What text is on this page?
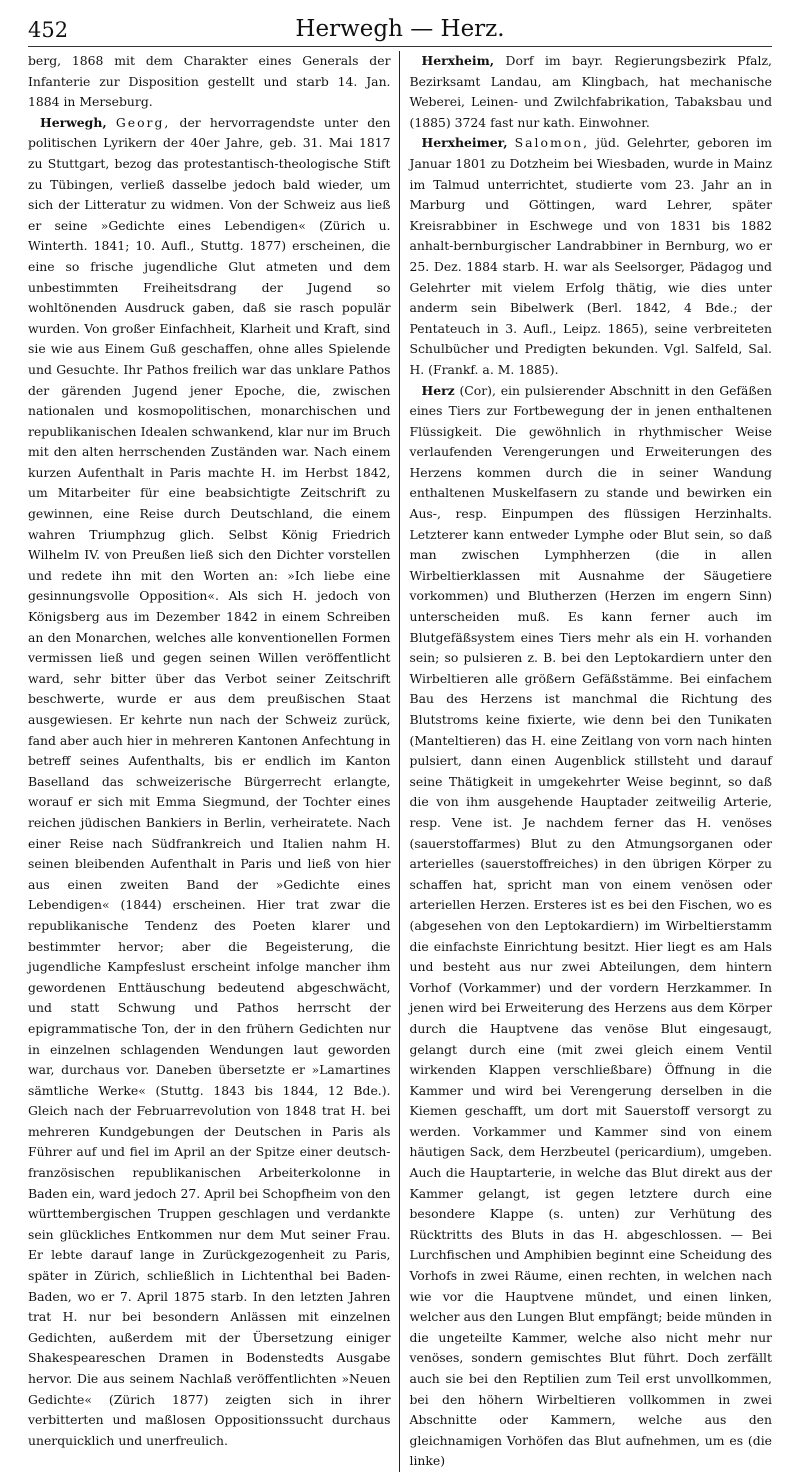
452	Herwegh — Herz.

berg, 1868 mit dem Charakter eines Generals der Infanterie zur Disposition gestellt und starb 14. Jan. 1884 in Merseburg.

Herwegh, Georg, der hervorragendste unter den politischen Lyrikern der 40er Jahre, geb. 31. Mai 1817 zu Stuttgart, bezog das protestantisch-theologische Stift zu Tübingen, verließ dasselbe jedoch bald wieder, um sich der Litteratur zu widmen. Von der Schweiz aus ließ er seine »Gedichte eines Lebendigen« (Zürich u. Winterth. 1841; 10. Aufl., Stuttg. 1877) erscheinen, die eine so frische jugendliche Glut atmeten und dem unbestimmten Freiheitsdrang der Jugend so wohltönenden Ausdruck gaben, daß sie rasch populär wurden. Von großer Einfachheit, Klarheit und Kraft, sind sie wie aus Einem Guß geschaffen, ohne alles Spielende und Gesuchte. Ihr Pathos freilich war das unklare Pathos der gärenden Jugend jener Epoche, die, zwischen nationalen und kosmopolitischen, monarchischen und republikanischen Idealen schwankend, klar nur im Bruch mit den alten herrschenden Zuständen war. Nach einem kurzen Aufenthalt in Paris machte H. im Herbst 1842, um Mitarbeiter für eine beabsichtigte Zeitschrift zu gewinnen, eine Reise durch Deutschland, die einem wahren Triumphzug glich. Selbst König Friedrich Wilhelm IV. von Preußen ließ sich den Dichter vorstellen und redete ihn mit den Worten an: »Ich liebe eine gesinnungsvolle Opposition«. Als sich H. jedoch von Königsberg aus im Dezember 1842 in einem Schreiben an den Monarchen, welches alle konventionellen Formen vermissen ließ und gegen seinen Willen veröffentlicht ward, sehr bitter über das Verbot seiner Zeitschrift beschwerte, wurde er aus dem preußischen Staat ausgewiesen. Er kehrte nun nach der Schweiz zurück, fand aber auch hier in mehreren Kantonen Anfechtung in betreff seines Aufenthalts, bis er endlich im Kanton Baselland das schweizerische Bürgerrecht erlangte, worauf er sich mit Emma Siegmund, der Tochter eines reichen jüdischen Bankiers in Berlin, verheiratete. Nach einer Reise nach Südfrankreich und Italien nahm H. seinen bleibenden Aufenthalt in Paris und ließ von hier aus einen zweiten Band der »Gedichte eines Lebendigen« (1844) erscheinen. Hier trat zwar die republikanische Tendenz des Poeten klarer und bestimmter hervor; aber die Begeisterung, die jugendliche Kampfeslust erscheint infolge mancher ihm gewordenen Enttäuschung bedeutend abgeschwächt, und statt Schwung und Pathos herrscht der epigrammatische Ton, der in den frühern Gedichten nur in einzelnen schlagenden Wendungen laut geworden war, durchaus vor. Daneben übersetzte er »Lamartines sämtliche Werke« (Stuttg. 1843 bis 1844, 12 Bde.). Gleich nach der Februarrevolution von 1848 trat H. bei mehreren Kundgebungen der Deutschen in Paris als Führer auf und fiel im April an der Spitze einer deutsch-französischen republikanischen Arbeiterkolonne in Baden ein, ward jedoch 27. April bei Schopfheim von den württembergischen Truppen geschlagen und verdankte sein glückliches Entkommen nur dem Mut seiner Frau. Er lebte darauf lange in Zurückgezogenheit zu Paris, später in Zürich, schließlich in Lichtenthal bei Baden-Baden, wo er 7. April 1875 starb. In den letzten Jahren trat H. nur bei besondern Anlässen mit einzelnen Gedichten, außerdem mit der Übersetzung einiger Shakespeareschen Dramen in Bodenstedts Ausgabe hervor. Die aus seinem Nachlaß veröffentlichten »Neuen Gedichte« (Zürich 1877) zeigten sich in ihrer verbitterten und maßlosen Oppositionssucht durchaus unerquicklich und unerfreulich.

Herxheim, Dorf im bayr. Regierungsbezirk Pfalz, Bezirksamt Landau, am Klingbach, hat mechanische Weberei, Leinen- und Zwilchfabrikation, Tabaksbau und (1885) 3724 fast nur kath. Einwohner.

Herxheimer, Salomon, jüd. Gelehrter, geboren im Januar 1801 zu Dotzheim bei Wiesbaden, wurde in Mainz im Talmud unterrichtet, studierte vom 23. Jahr an in Marburg und Göttingen, ward Lehrer, später Kreisrabbiner in Eschwege und von 1831 bis 1882 anhalt-bernburgischer Landrabbiner in Bernburg, wo er 25. Dez. 1884 starb. H. war als Seelsorger, Pädagog und Gelehrter mit vielem Erfolg thätig, wie dies unter anderm sein Bibelwerk (Berl. 1842, 4 Bde.; der Pentateuch in 3. Aufl., Leipz. 1865), seine verbreiteten Schulbücher und Predigten bekunden. Vgl. Salfeld, Sal. H. (Frankf. a. M. 1885).

Herz (Cor), ein pulsierender Abschnitt in den Gefäßen eines Tiers zur Fortbewegung der in jenen enthaltenen Flüssigkeit. Die gewöhnlich in rhythmischer Weise verlaufenden Verengerungen und Erweiterungen des Herzens kommen durch die in seiner Wandung enthaltenen Muskelfasern zu stande und bewirken ein Aus-, resp. Einpumpen des flüssigen Herzinhalts. Letzterer kann entweder Lymphe oder Blut sein, so daß man zwischen Lymphherzen (die in allen Wirbeltierklassen mit Ausnahme der Säugetiere vorkommen) und Blutherzen (Herzen im engern Sinn) unterscheiden muß. Es kann ferner auch im Blutgefäßsystem eines Tiers mehr als ein H. vorhanden sein; so pulsieren z. B. bei den Leptokardiern unter den Wirbeltieren alle größern Gefäßstämme. Bei einfachem Bau des Herzens ist manchmal die Richtung des Blutstroms keine fixierte, wie denn bei den Tunikaten (Manteltieren) das H. eine Zeitlang von vorn nach hinten pulsiert, dann einen Augenblick stillsteht und darauf seine Thätigkeit in umgekehrter Weise beginnt, so daß die von ihm ausgehende Hauptader zeitweilig Arterie, resp. Vene ist. Je nachdem ferner das H. venöses (sauerstoffarmes) Blut zu den Atmungsorganen oder arterielles (sauerstoffreiches) in den übrigen Körper zu schaffen hat, spricht man von einem venösen oder arteriellen Herzen. Ersteres ist es bei den Fischen, wo es (abgesehen von den Leptokardiern) im Wirbeltierstamm die einfachste Einrichtung besitzt. Hier liegt es am Hals und besteht aus nur zwei Abteilungen, dem hintern Vorhof (Vorkammer) und der vordern Herzkammer. In jenen wird bei Erweiterung des Herzens aus dem Körper durch die Hauptvene das venöse Blut eingesaugt, gelangt durch eine (mit zwei gleich einem Ventil wirkenden Klappen verschließbare) Öffnung in die Kammer und wird bei Verengerung derselben in die Kiemen geschafft, um dort mit Sauerstoff versorgt zu werden. Vorkammer und Kammer sind von einem häutigen Sack, dem Herzbeutel (pericardium), umgeben. Auch die Hauptarterie, in welche das Blut direkt aus der Kammer gelangt, ist gegen letztere durch eine besondere Klappe (s. unten) zur Verhütung des Rücktritts des Bluts in das H. abgeschlossen. — Bei Lurchfischen und Amphibien beginnt eine Scheidung des Vorhofs in zwei Räume, einen rechten, in welchen nach wie vor die Hauptvene mündet, und einen linken, welcher aus den Lungen Blut empfängt; beide münden in die ungeteilte Kammer, welche also nicht mehr nur venöses, sondern gemischtes Blut führt. Doch zerfällt auch sie bei den Reptilien zum Teil erst unvollkommen, bei den höhern Wirbeltieren vollkommen in zwei Abschnitte oder Kammern, welche aus den gleichnamigen Vorhöfen das Blut aufnehmen, um es (die linke)
